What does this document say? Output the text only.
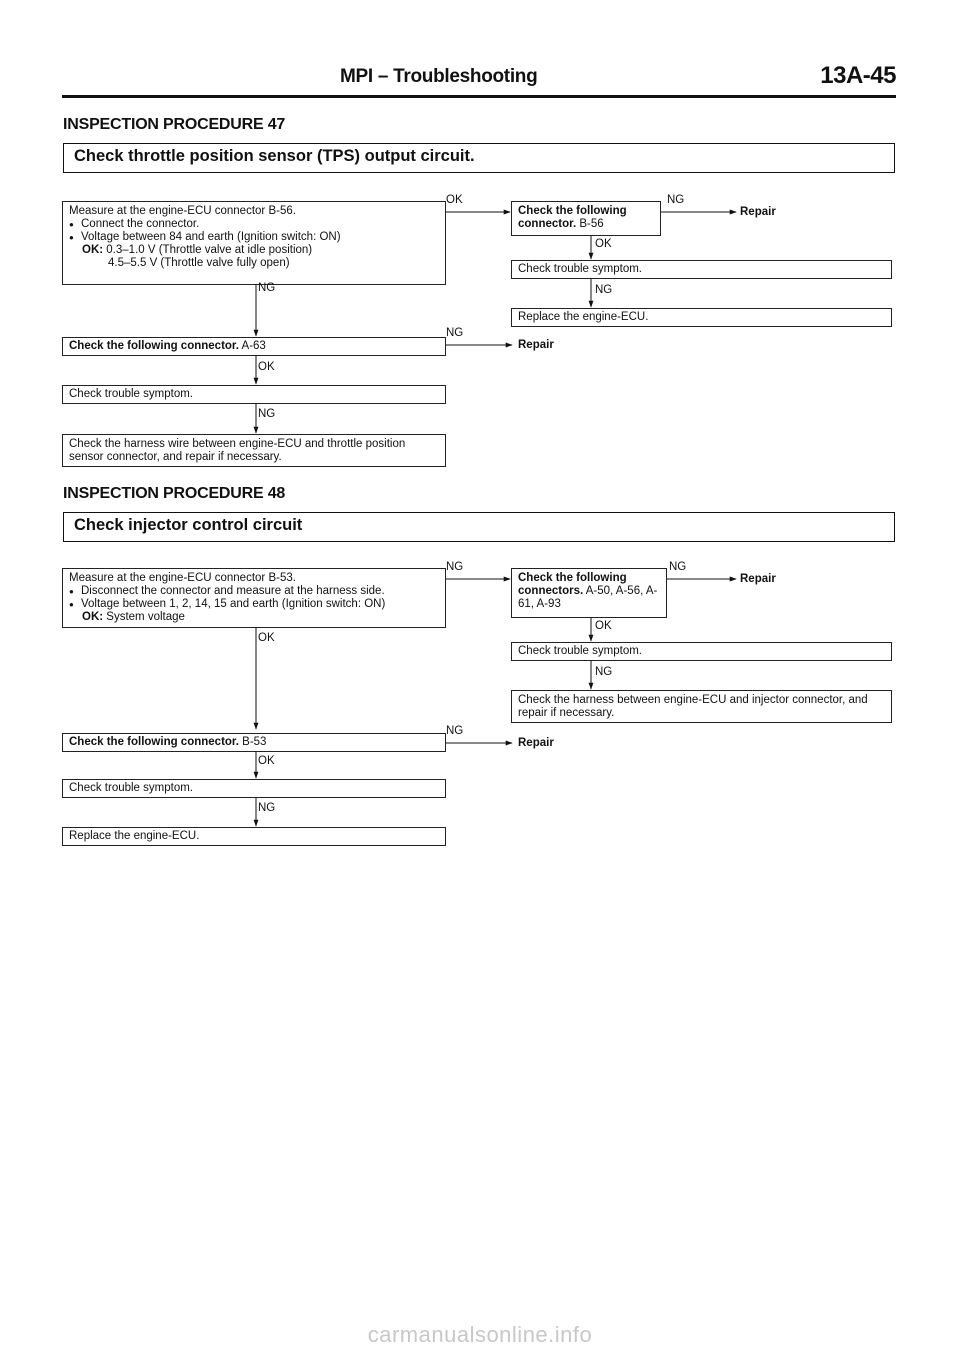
MPI – Troubleshooting	13A-45
INSPECTION PROCEDURE 47
Check throttle position sensor (TPS) output circuit.
Measure at the engine-ECU connector B-56.
● Connect the connector.
● Voltage between 84 and earth (Ignition switch: ON)
OK: 0.3–1.0 V (Throttle valve at idle position)
4.5–5.5 V (Throttle valve fully open)
OK
Check the following connector. B-56
NG
Repair
OK
Check trouble symptom.
NG
Replace the engine-ECU.
NG
NG
Check the following connector. A-63	Repair
OK
Check trouble symptom.
NG
Check the harness wire between engine-ECU and throttle position sensor connector, and repair if necessary.
INSPECTION PROCEDURE 48
Check injector control circuit
Measure at the engine-ECU connector B-53.
● Disconnect the connector and measure at the harness side.
● Voltage between 1, 2, 14, 15 and earth (Ignition switch: ON)
OK: System voltage
NG
Check the following connectors. A-50, A-56, A-61, A-93
NG
Repair
OK
Check trouble symptom.
NG
Check the harness between engine-ECU and injector connector, and repair if necessary.
OK
NG
Check the following connector. B-53	Repair
OK
Check trouble symptom.
NG
Replace the engine-ECU.
carmanualsonline.info
